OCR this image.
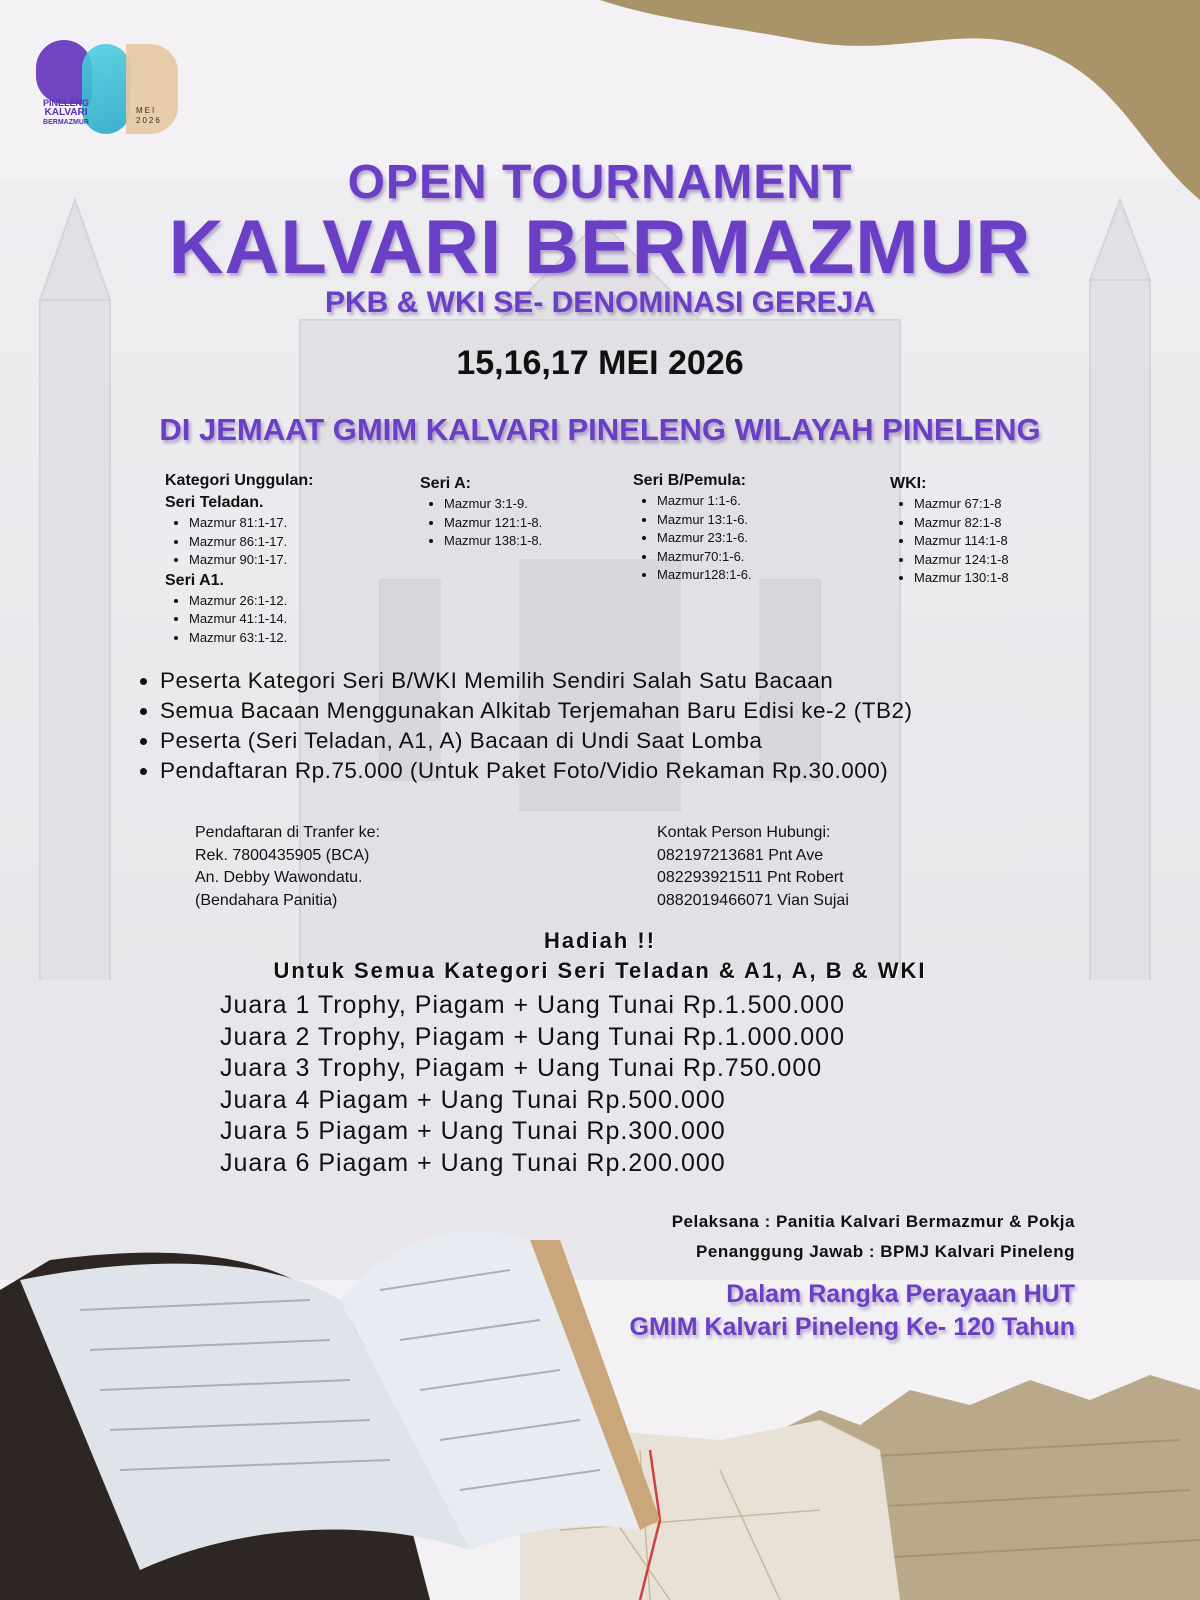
PINELENG
KALVARI
BERMAZMUR
MEI
2026
OPEN TOURNAMENT
KALVARI BERMAZMUR
PKB & WKI SE- DENOMINASI GEREJA
15,16,17 MEI 2026
DI JEMAAT GMIM KALVARI PINELENG WILAYAH PINELENG
Kategori Unggulan:
Seri Teladan.
• Mazmur 81:1-17.
• Mazmur 86:1-17.
• Mazmur 90:1-17.
Seri A1.
• Mazmur 26:1-12.
• Mazmur 41:1-14.
• Mazmur 63:1-12.
Seri A:
• Mazmur 3:1-9.
• Mazmur 121:1-8.
• Mazmur 138:1-8.
Seri B/Pemula:
• Mazmur 1:1-6.
• Mazmur 13:1-6.
• Mazmur 23:1-6.
• Mazmur70:1-6.
• Mazmur128:1-6.
WKI:
• Mazmur 67:1-8
• Mazmur 82:1-8
• Mazmur 114:1-8
• Mazmur 124:1-8
• Mazmur 130:1-8
• Peserta Kategori Seri B/WKI Memilih Sendiri Salah Satu Bacaan
• Semua Bacaan Menggunakan Alkitab Terjemahan Baru Edisi ke-2 (TB2)
• Peserta (Seri Teladan, A1, A) Bacaan di Undi Saat Lomba
• Pendaftaran Rp.75.000 (Untuk Paket Foto/Vidio Rekaman Rp.30.000)
Pendaftaran di Tranfer ke:
Rek. 7800435905 (BCA)
An. Debby Wawondatu.
(Bendahara Panitia)
Kontak Person Hubungi:
082197213681 Pnt Ave
082293921511 Pnt Robert
0882019466071 Vian Sujai
Hadiah !!
Untuk Semua Kategori Seri Teladan & A1, A, B & WKI
Juara 1 Trophy, Piagam + Uang Tunai Rp.1.500.000
Juara 2 Trophy, Piagam + Uang Tunai Rp.1.000.000
Juara 3 Trophy, Piagam + Uang Tunai Rp.750.000
Juara 4 Piagam + Uang Tunai Rp.500.000
Juara 5 Piagam + Uang Tunai Rp.300.000
Juara 6 Piagam + Uang Tunai Rp.200.000
Pelaksana : Panitia Kalvari Bermazmur & Pokja
Penanggung Jawab : BPMJ Kalvari Pineleng
Dalam Rangka Perayaan HUT
GMIM Kalvari Pineleng Ke- 120 Tahun
